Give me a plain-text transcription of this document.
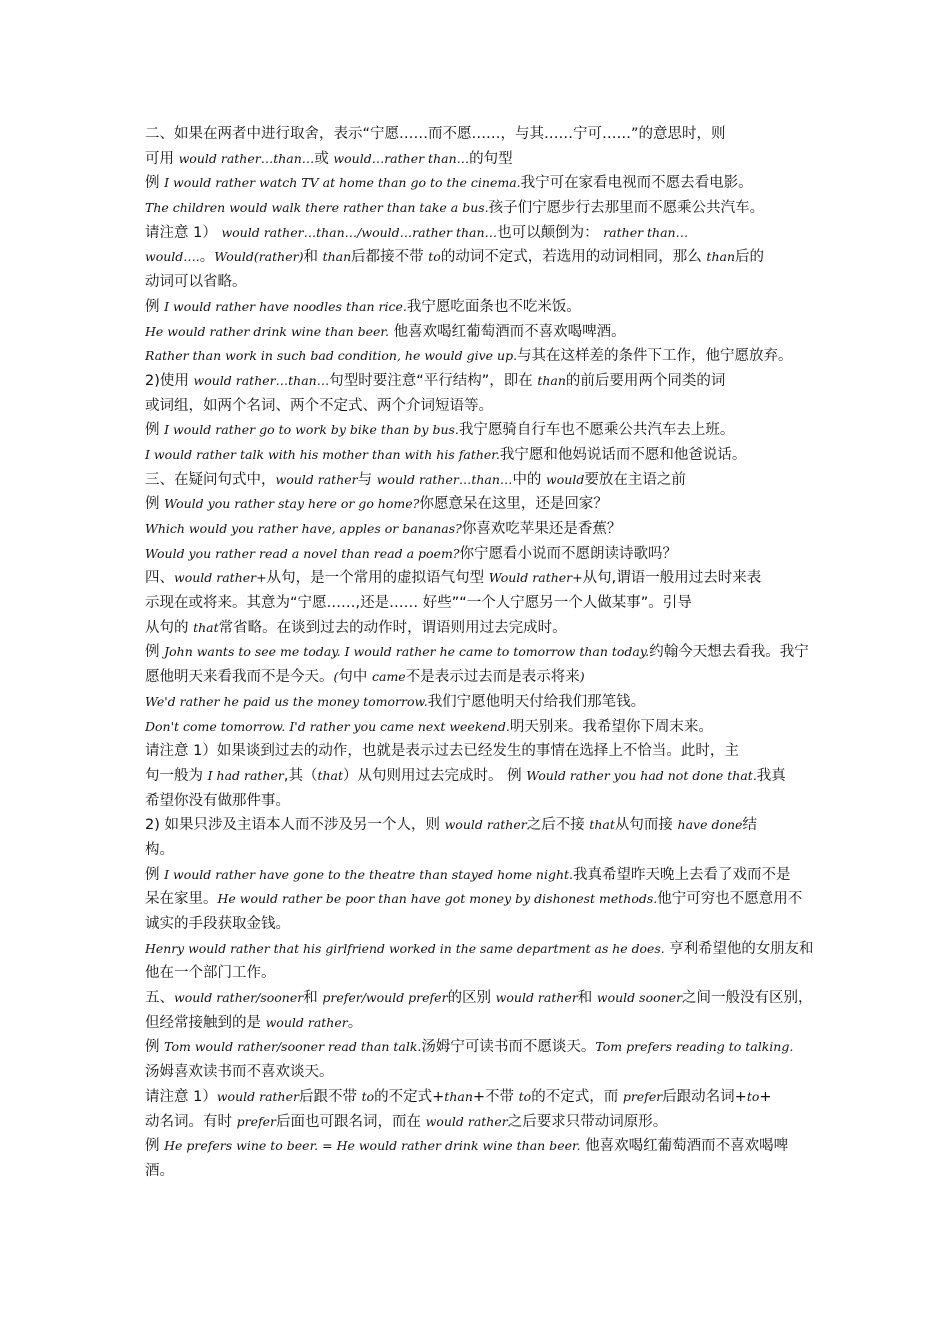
二、如果在两者中进行取舍，表示“宁愿……而不愿……，与其……宁可……”的意思时，则
可用 would rather…than…或 would…rather than…的句型
例 I would rather watch TV at home than go to the cinema.我宁可在家看电视而不愿去看电影。
The children would walk there rather than take a bus.孩子们宁愿步行去那里而不愿乘公共汽车。
请注意 1） would rather…than…/would…rather than…也可以颠倒为： rather than…
would….。Would(rather)和 than后都接不带 to的动词不定式，若选用的动词相同，那么 than后的
动词可以省略。
例 I would rather have noodles than rice.我宁愿吃面条也不吃米饭。
He would rather drink wine than beer. 他喜欢喝红葡萄酒而不喜欢喝啤酒。
Rather than work in such bad condition, he would give up.与其在这样差的条件下工作，他宁愿放弃。
2)使用 would rather…than…句型时要注意“平行结构”，即在 than的前后要用两个同类的词
或词组，如两个名词、两个不定式、两个介词短语等。
例 I would rather go to work by bike than by bus.我宁愿骑自行车也不愿乘公共汽车去上班。
I would rather talk with his mother than with his father.我宁愿和他妈说话而不愿和他爸说话。
三、在疑问句式中，would rather与 would rather…than…中的 would要放在主语之前
例 Would you rather stay here or go home?你愿意呆在这里，还是回家？
Which would you rather have, apples or bananas?你喜欢吃苹果还是香蕉？
Would you rather read a novel than read a poem?你宁愿看小说而不愿朗读诗歌吗？
四、would rather+从句，是一个常用的虚拟语气句型 Would rather+从句,谓语一般用过去时来表
示现在或将来。其意为“宁愿……,还是…… 好些”“一个人宁愿另一个人做某事”。引导
从句的 that常省略。在谈到过去的动作时，谓语则用过去完成时。
例 John wants to see me today. I would rather he came to tomorrow than today.约翰今天想去看我。我宁
愿他明天来看我而不是今天。(句中 came不是表示过去而是表示将来)
We'd rather he paid us the money tomorrow.我们宁愿他明天付给我们那笔钱。
Don't come tomorrow. I'd rather you came next weekend.明天别来。我希望你下周末来。
请注意 1）如果谈到过去的动作，也就是表示过去已经发生的事情在选择上不恰当。此时，主
句一般为 I had rather,其（that）从句则用过去完成时。 例 Would rather you had not done that.我真
希望你没有做那件事。
2) 如果只涉及主语本人而不涉及另一个人，则 would rather之后不接 that从句而接 have done结
构。
例 I would rather have gone to the theatre than stayed home night.我真希望昨天晚上去看了戏而不是
呆在家里。He would rather be poor than have got money by dishonest methods.他宁可穷也不愿意用不
诚实的手段获取金钱。
Henry would rather that his girlfriend worked in the same department as he does. 亨利希望他的女朋友和
他在一个部门工作。
五、would rather/sooner和 prefer/would prefer的区别 would rather和 would sooner之间一般没有区别，
但经常接触到的是 would rather。
例 Tom would rather/sooner read than talk.汤姆宁可读书而不愿谈天。Tom prefers reading to talking.
汤姆喜欢读书而不喜欢谈天。
请注意 1）would rather后跟不带 to的不定式+than+不带 to的不定式，而 prefer后跟动名词+to+
动名词。有时 prefer后面也可跟名词，而在 would rather之后要求只带动词原形。
例 He prefers wine to beer. = He would rather drink wine than beer. 他喜欢喝红葡萄酒而不喜欢喝啤
酒。
